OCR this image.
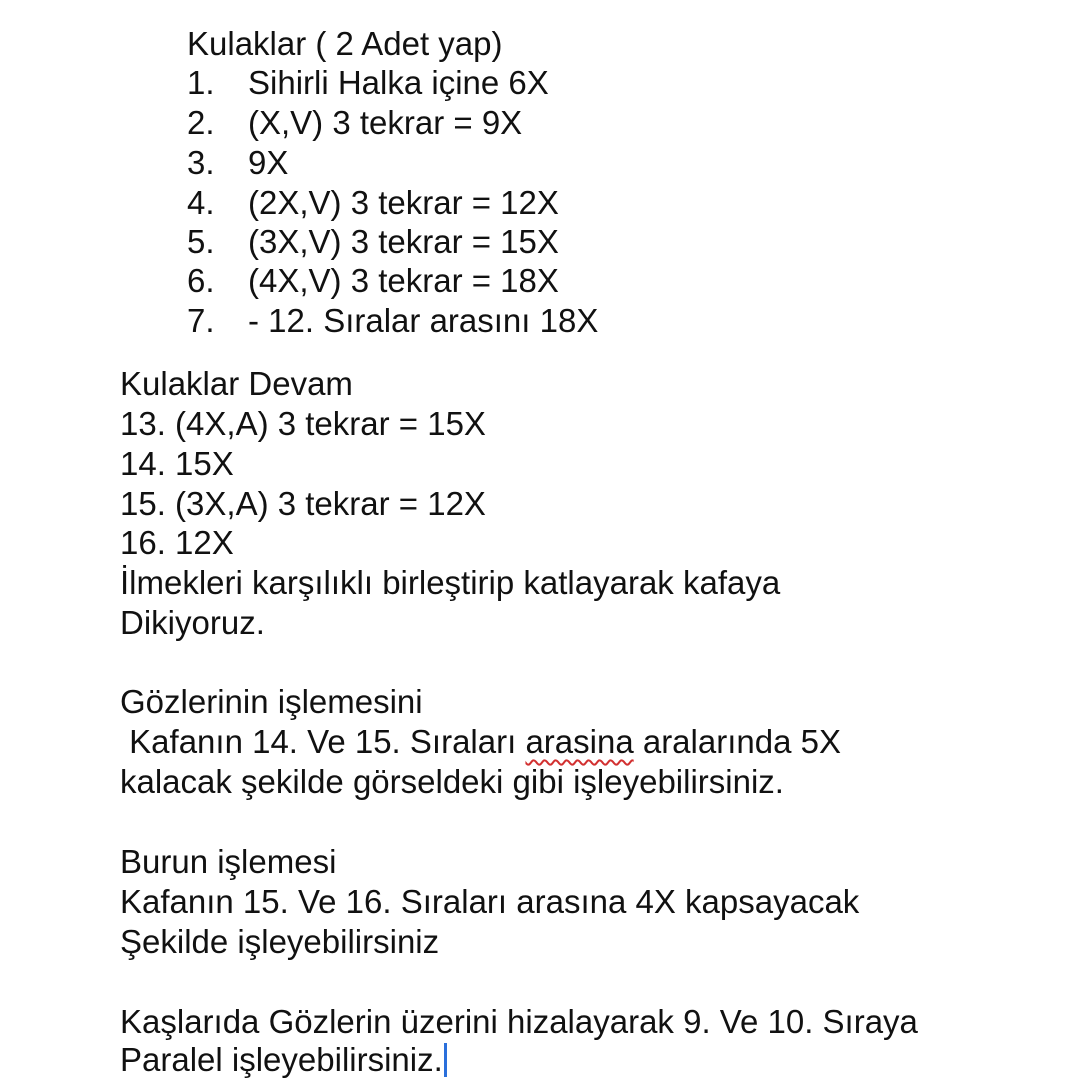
Kulaklar ( 2 Adet yap)
1. Sihirli Halka içine 6X
2. (X,V) 3 tekrar = 9X
3. 9X
4. (2X,V) 3 tekrar = 12X
5. (3X,V) 3 tekrar = 15X
6. (4X,V) 3 tekrar = 18X
7. - 12. Sıralar arasını 18X
Kulaklar Devam
13. (4X,A) 3 tekrar = 15X
14. 15X
15. (3X,A) 3 tekrar = 12X
16. 12X
İlmekleri karşılıklı birleştirip katlayarak kafaya
Dikiyoruz.
Gözlerinin işlemesini
Kafanın 14. Ve 15. Sıraları arasina aralarında 5X
kalacak şekilde görseldeki gibi işleyebilirsiniz.
Burun işlemesi
Kafanın 15. Ve 16. Sıraları arasına 4X kapsayacak
Şekilde işleyebilirsiniz
Kaşlarıda Gözlerin üzerini hizalayarak 9. Ve 10. Sıraya
Paralel işleyebilirsiniz.
